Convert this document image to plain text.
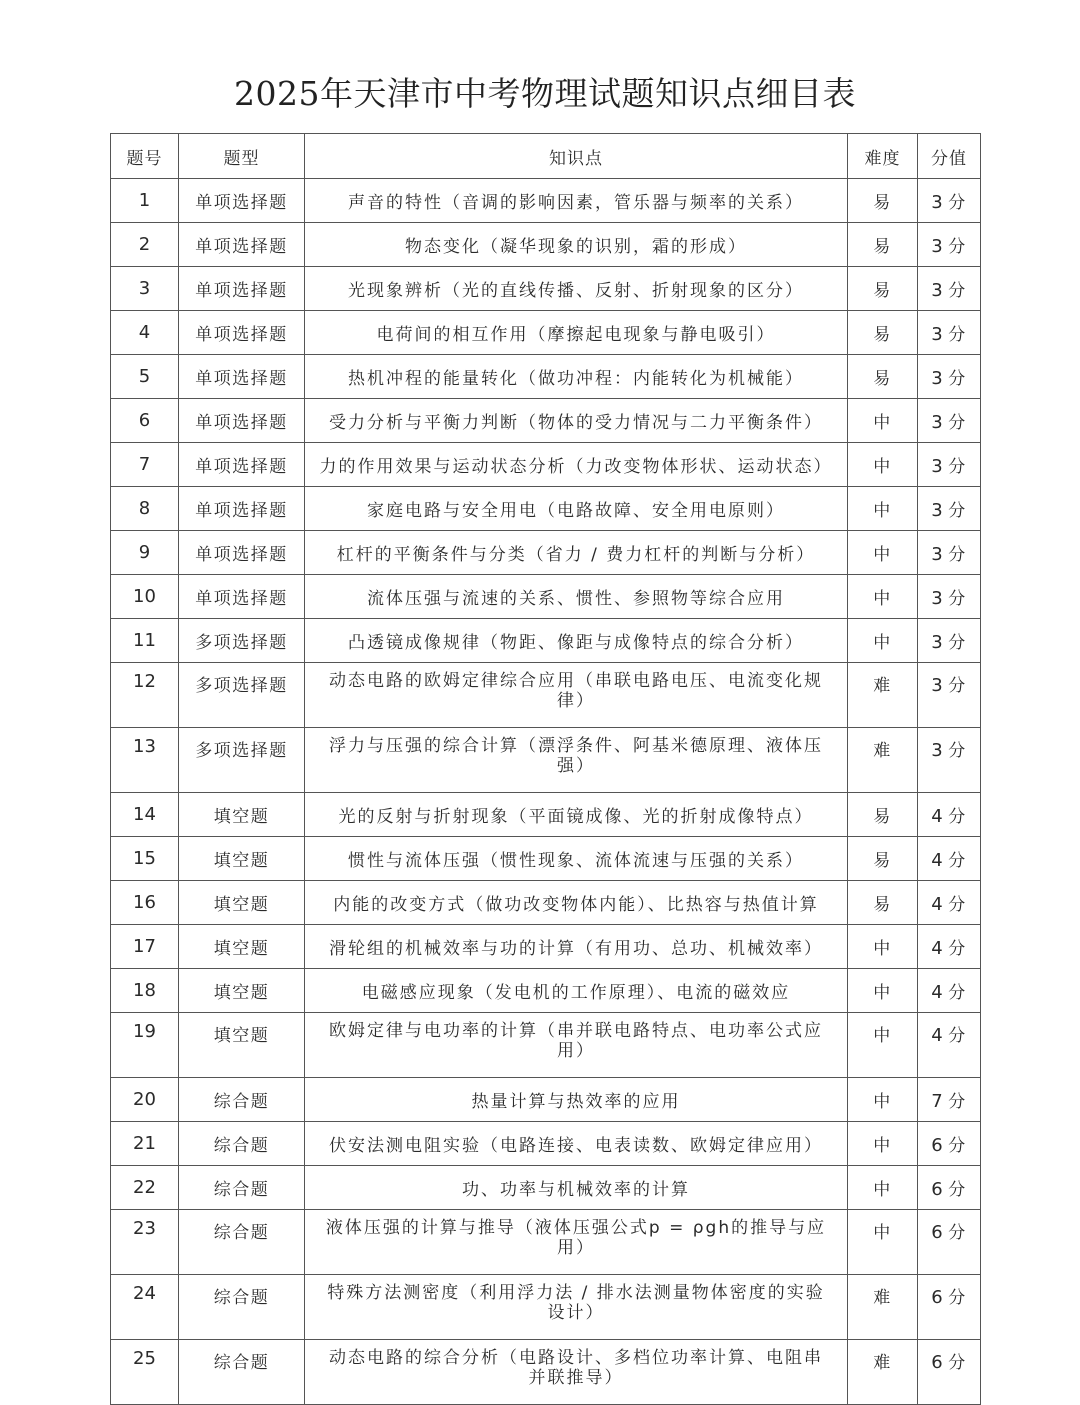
2025年天津市中考物理试题知识点细目表
题号	题型	知识点	难度	分值
1	单项选择题	声音的特性（音调的影响因素，管乐器与频率的关系）	易	3 分
2	单项选择题	物态变化（凝华现象的识别，霜的形成）	易	3 分
3	单项选择题	光现象辨析（光的直线传播、反射、折射现象的区分）	易	3 分
4	单项选择题	电荷间的相互作用（摩擦起电现象与静电吸引）	易	3 分
5	单项选择题	热机冲程的能量转化（做功冲程：内能转化为机械能）	易	3 分
6	单项选择题	受力分析与平衡力判断（物体的受力情况与二力平衡条件）	中	3 分
7	单项选择题	力的作用效果与运动状态分析（力改变物体形状、运动状态）	中	3 分
8	单项选择题	家庭电路与安全用电（电路故障、安全用电原则）	中	3 分
9	单项选择题	杠杆的平衡条件与分类（省力 / 费力杠杆的判断与分析）	中	3 分
10	单项选择题	流体压强与流速的关系、惯性、参照物等综合应用	中	3 分
11	多项选择题	凸透镜成像规律（物距、像距与成像特点的综合分析）	中	3 分
12	多项选择题	动态电路的欧姆定律综合应用（串联电路电压、电流变化规律）	难	3 分
13	多项选择题	浮力与压强的综合计算（漂浮条件、阿基米德原理、液体压强）	难	3 分
14	填空题	光的反射与折射现象（平面镜成像、光的折射成像特点）	易	4 分
15	填空题	惯性与流体压强（惯性现象、流体流速与压强的关系）	易	4 分
16	填空题	内能的改变方式（做功改变物体内能）、比热容与热值计算	易	4 分
17	填空题	滑轮组的机械效率与功的计算（有用功、总功、机械效率）	中	4 分
18	填空题	电磁感应现象（发电机的工作原理）、电流的磁效应	中	4 分
19	填空题	欧姆定律与电功率的计算（串并联电路特点、电功率公式应用）	中	4 分
20	综合题	热量计算与热效率的应用	中	7 分
21	综合题	伏安法测电阻实验（电路连接、电表读数、欧姆定律应用）	中	6 分
22	综合题	功、功率与机械效率的计算	中	6 分
23	综合题	液体压强的计算与推导（液体压强公式p = ρgh的推导与应用）	中	6 分
24	综合题	特殊方法测密度（利用浮力法 / 排水法测量物体密度的实验设计）	难	6 分
25	综合题	动态电路的综合分析（电路设计、多档位功率计算、电阻串并联推导）	难	6 分
